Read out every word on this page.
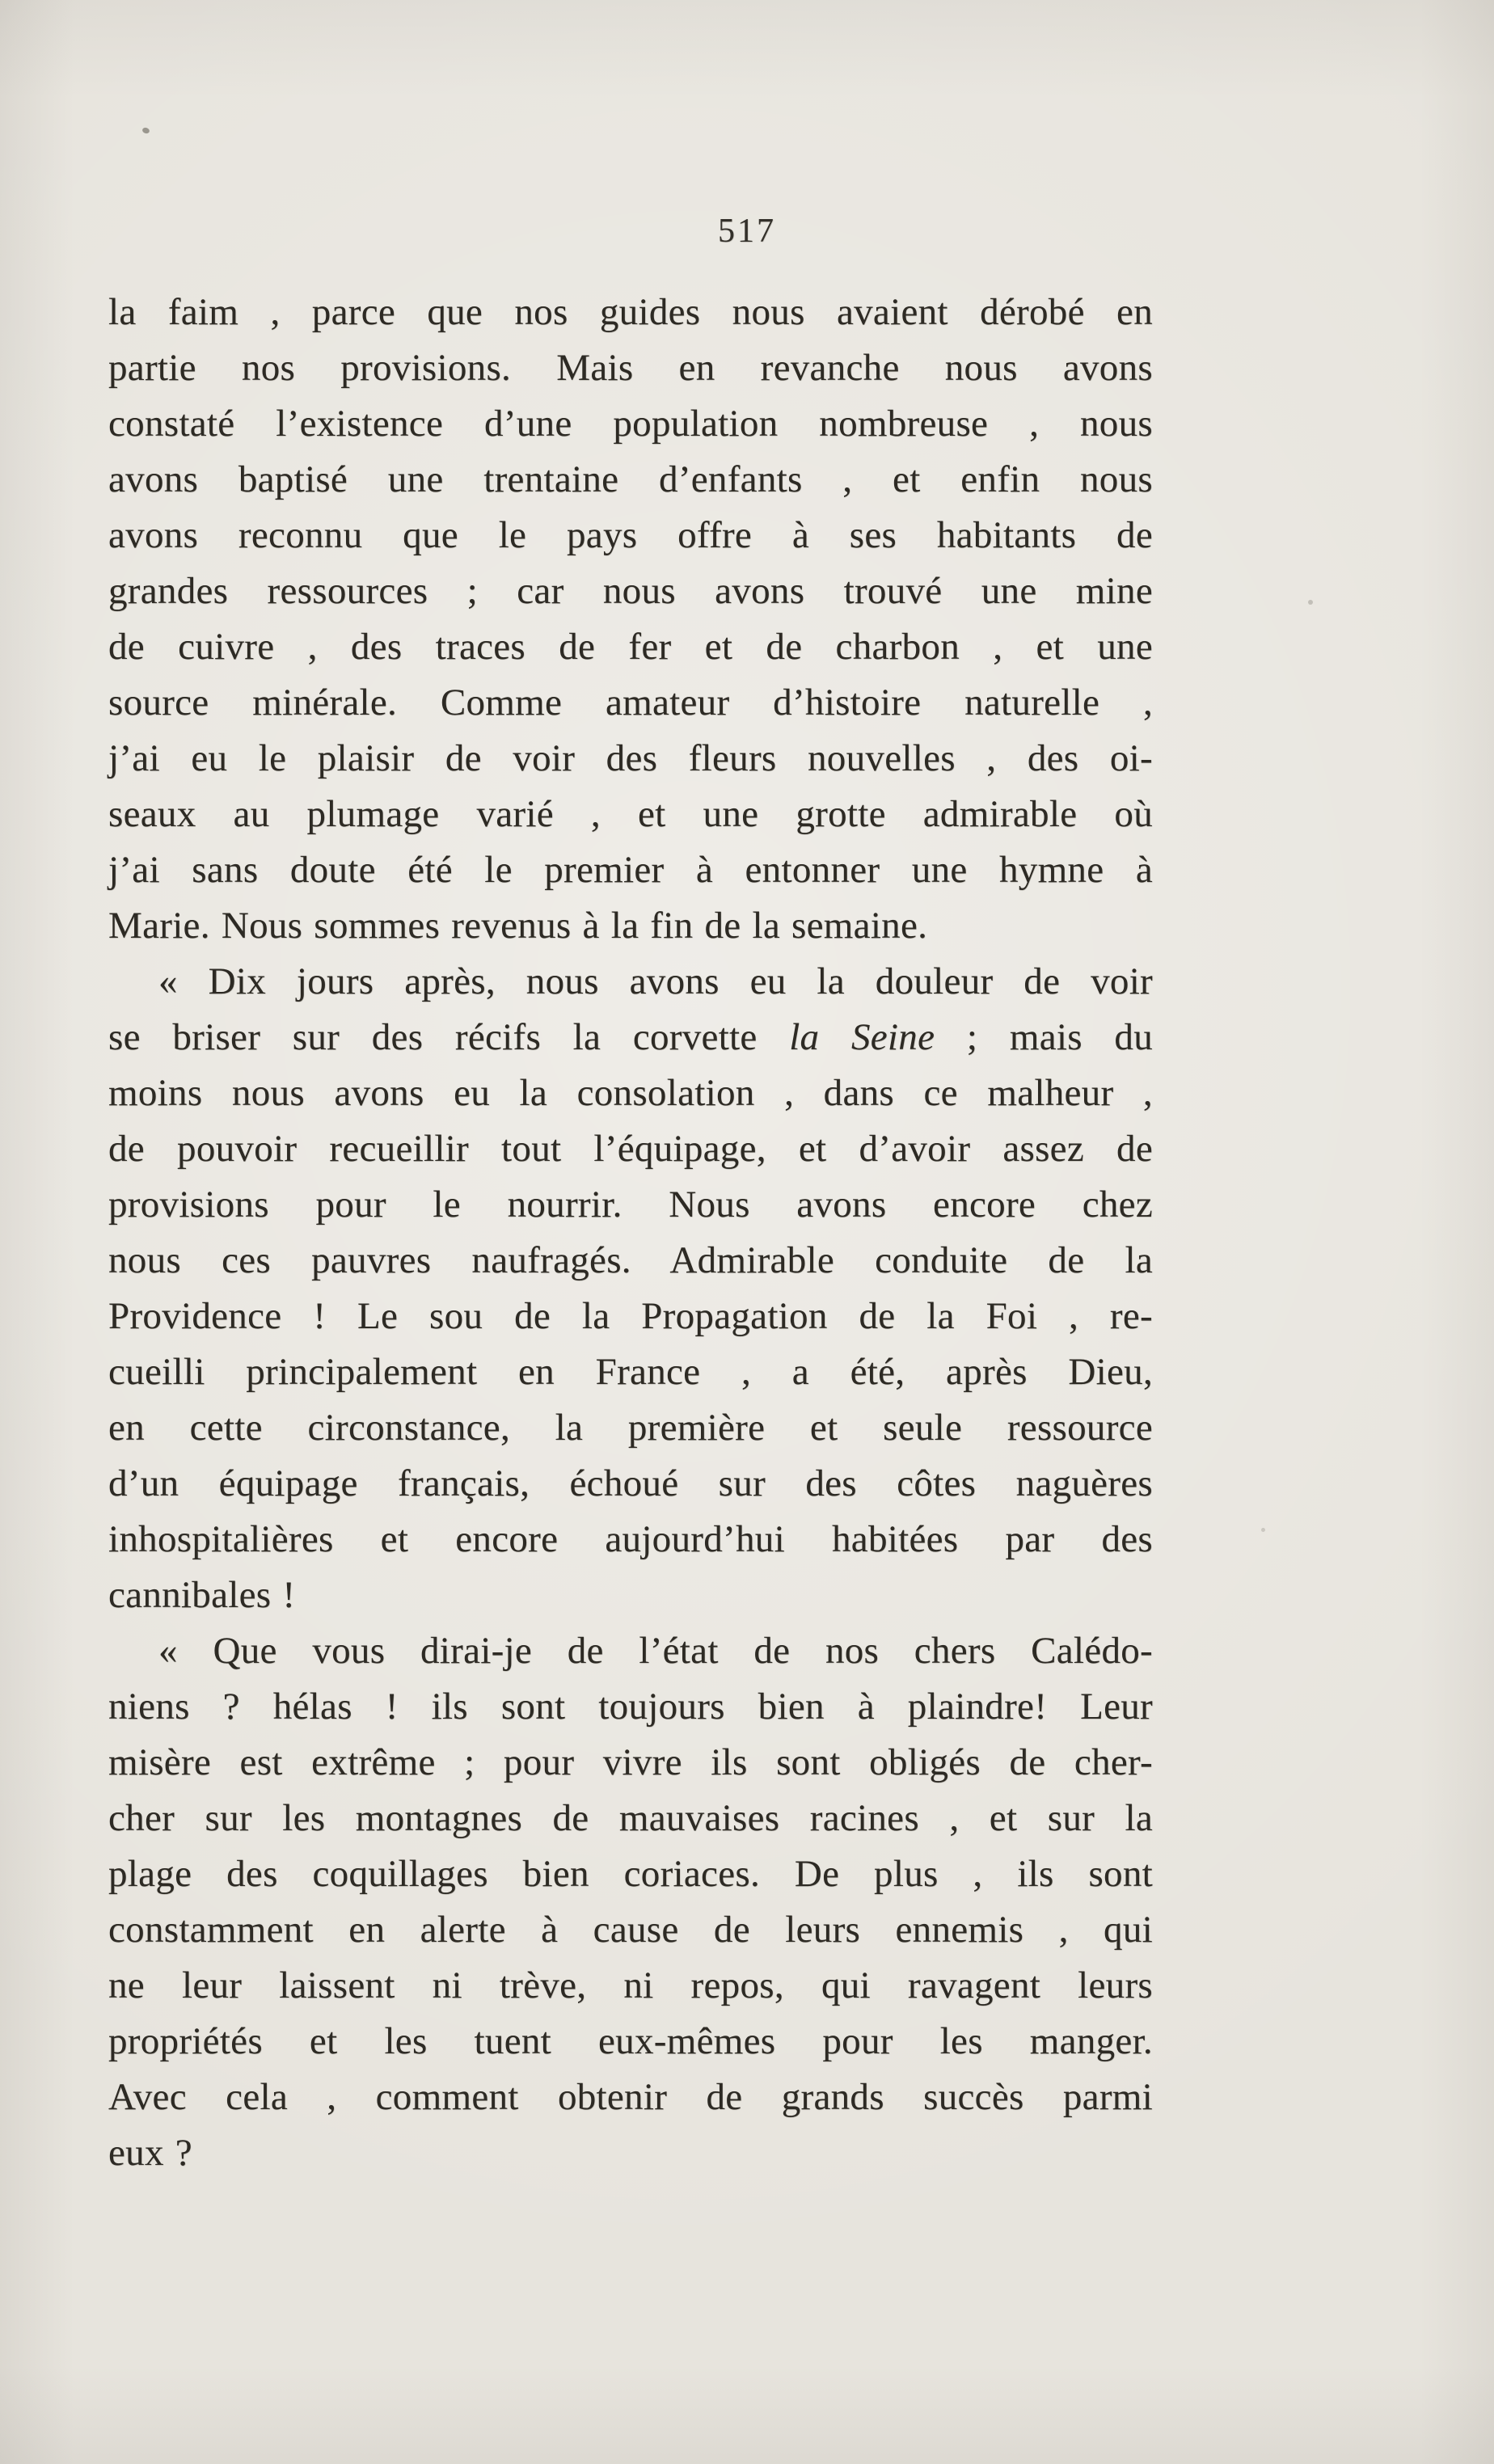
517
la faim , parce que nos guides nous avaient dérobé en
partie nos provisions. Mais en revanche nous avons
constaté l’existence d’une population nombreuse , nous
avons baptisé une trentaine d’enfants , et enfin nous
avons reconnu que le pays offre à ses habitants de
grandes ressources ; car nous avons trouvé une mine
de cuivre , des traces de fer et de charbon , et une
source minérale. Comme amateur d’histoire naturelle ,
j’ai eu le plaisir de voir des fleurs nouvelles , des oi-
seaux au plumage varié , et une grotte admirable où
j’ai sans doute été le premier à entonner une hymne à
Marie. Nous sommes revenus à la fin de la semaine.
« Dix jours après, nous avons eu la douleur de voir
se briser sur des récifs la corvette la Seine ; mais du
moins nous avons eu la consolation , dans ce malheur ,
de pouvoir recueillir tout l’équipage, et d’avoir assez de
provisions pour le nourrir. Nous avons encore chez
nous ces pauvres naufragés. Admirable conduite de la
Providence ! Le sou de la Propagation de la Foi , re-
cueilli principalement en France , a été, après Dieu,
en cette circonstance, la première et seule ressource
d’un équipage français, échoué sur des côtes naguères
inhospitalières et encore aujourd’hui habitées par des
cannibales !
« Que vous dirai-je de l’état de nos chers Calédo-
niens ? hélas ! ils sont toujours bien à plaindre! Leur
misère est extrême ; pour vivre ils sont obligés de cher-
cher sur les montagnes de mauvaises racines , et sur la
plage des coquillages bien coriaces. De plus , ils sont
constamment en alerte à cause de leurs ennemis , qui
ne leur laissent ni trève, ni repos, qui ravagent leurs
propriétés et les tuent eux-mêmes pour les manger.
Avec cela , comment obtenir de grands succès parmi
eux ?
